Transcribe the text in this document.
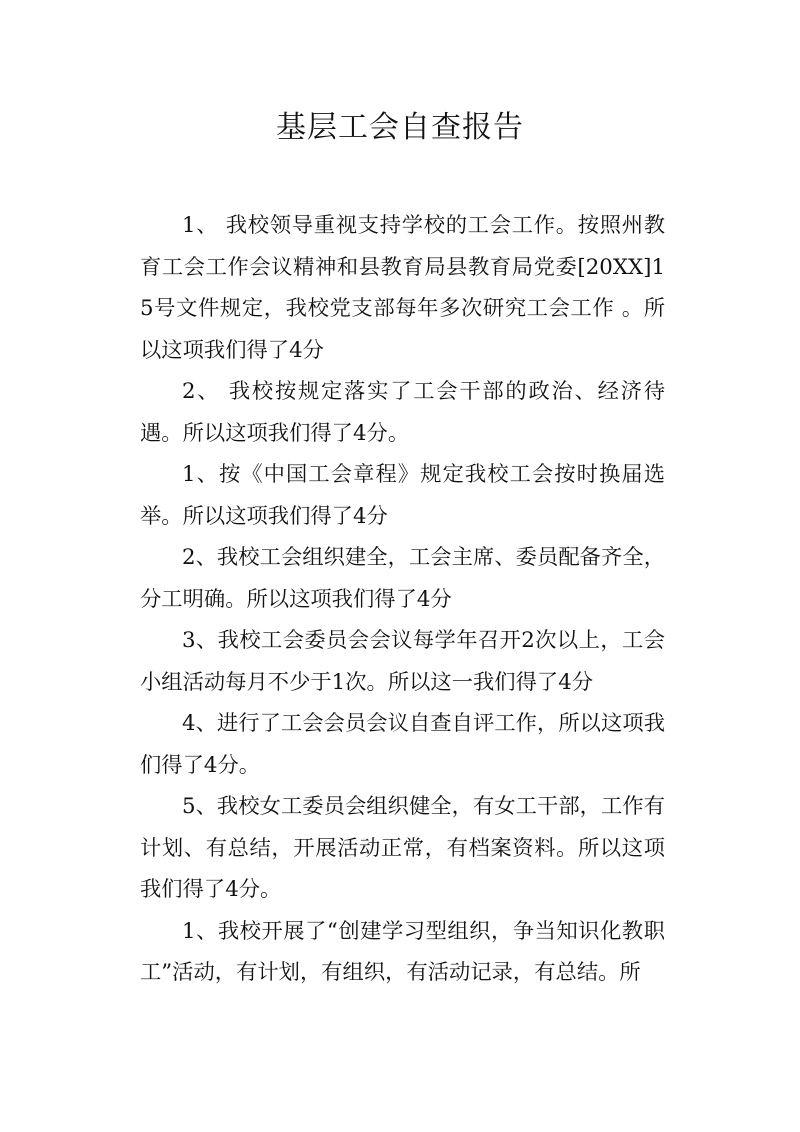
基层工会自查报告

1、 我校领导重视支持学校的工会工作。按照州教育工会工作会议精神和县教育局县教育局党委[20XX]15号文件规定，我校党支部每年多次研究工会工作 。所以这项我们得了4分

2、 我校按规定落实了工会干部的政治、经济待遇。所以这项我们得了4分。

1、按《中国工会章程》规定我校工会按时换届选举。所以这项我们得了4分

2、我校工会组织建全，工会主席、委员配备齐全，分工明确。所以这项我们得了4分

3、我校工会委员会会议每学年召开2次以上，工会小组活动每月不少于1次。所以这一我们得了4分

4、进行了工会会员会议自查自评工作，所以这项我们得了4分。

5、我校女工委员会组织健全，有女工干部，工作有计划、有总结，开展活动正常，有档案资料。所以这项我们得了4分。

1、我校开展了“创建学习型组织，争当知识化教职工”活动，有计划，有组织，有活动记录，有总结。所
